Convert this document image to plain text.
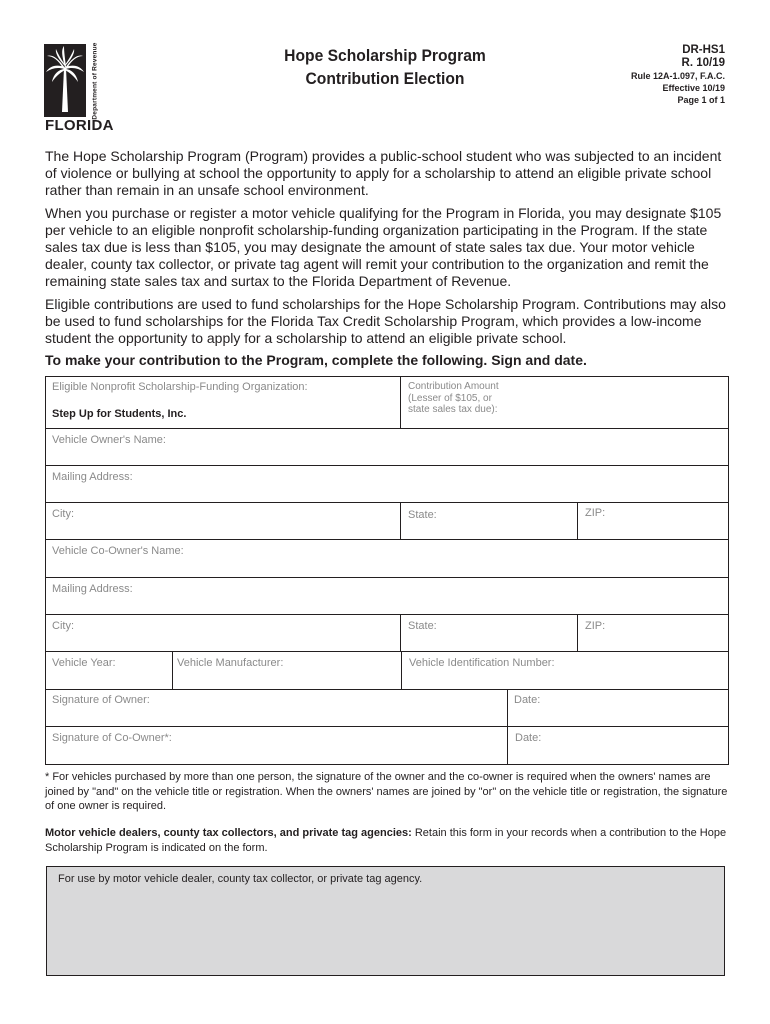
Department of Revenue
FLORIDA
Hope Scholarship Program
Contribution Election
DR-HS1
R. 10/19
Rule 12A-1.097, F.A.C.
Effective 10/19
Page 1 of 1

The Hope Scholarship Program (Program) provides a public-school student who was subjected to an incident of violence or bullying at school the opportunity to apply for a scholarship to attend an eligible private school rather than remain in an unsafe school environment.

When you purchase or register a motor vehicle qualifying for the Program in Florida, you may designate $105 per vehicle to an eligible nonprofit scholarship-funding organization participating in the Program. If the state sales tax due is less than $105, you may designate the amount of state sales tax due. Your motor vehicle dealer, county tax collector, or private tag agent will remit your contribution to the organization and remit the remaining state sales tax and surtax to the Florida Department of Revenue.

Eligible contributions are used to fund scholarships for the Hope Scholarship Program. Contributions may also be used to fund scholarships for the Florida Tax Credit Scholarship Program, which provides a low-income student the opportunity to apply for a scholarship to attend an eligible private school.

To make your contribution to the Program, complete the following. Sign and date.

Eligible Nonprofit Scholarship-Funding Organization:
Step Up for Students, Inc.
Contribution Amount
(Lesser of $105, or
state sales tax due):
Vehicle Owner's Name:
Mailing Address:
City:	State:	ZIP:
Vehicle Co-Owner's Name:
Mailing Address:
City:	State:	ZIP:
Vehicle Year:	Vehicle Manufacturer:	Vehicle Identification Number:
Signature of Owner:	Date:
Signature of Co-Owner*:	Date:
* For vehicles purchased by more than one person, the signature of the owner and the co-owner is required when the owners' names are joined by "and" on the vehicle title or registration. When the owners' names are joined by "or" on the vehicle title or registration, the signature of one owner is required.
Motor vehicle dealers, county tax collectors, and private tag agencies: Retain this form in your records when a contribution to the Hope Scholarship Program is indicated on the form.
For use by motor vehicle dealer, county tax collector, or private tag agency.
